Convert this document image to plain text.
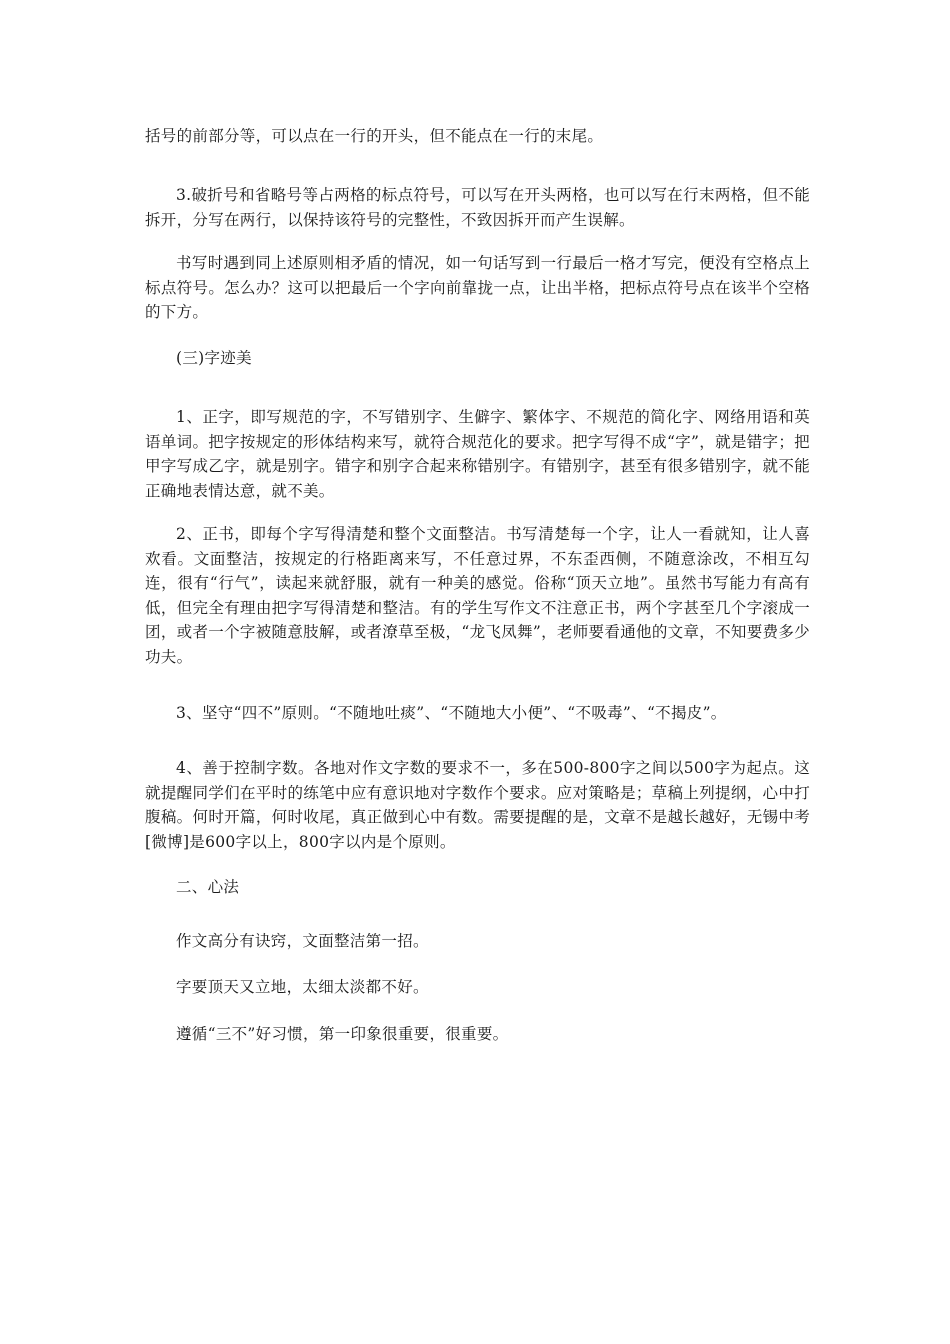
括号的前部分等，可以点在一行的开头，但不能点在一行的末尾。

3.破折号和省略号等占两格的标点符号，可以写在开头两格，也可以写在行末两格，但不能拆开，分写在两行，以保持该符号的完整性，不致因拆开而产生误解。

书写时遇到同上述原则相矛盾的情况，如一句话写到一行最后一格才写完，便没有空格点上标点符号。怎么办？这可以把最后一个字向前靠拢一点，让出半格，把标点符号点在该半个空格的下方。

(三)字迹美

1、正字，即写规范的字，不写错别字、生僻字、繁体字、不规范的简化字、网络用语和英语单词。把字按规定的形体结构来写，就符合规范化的要求。把字写得不成“字”，就是错字；把甲字写成乙字，就是别字。错字和别字合起来称错别字。有错别字，甚至有很多错别字，就不能正确地表情达意，就不美。

2、正书，即每个字写得清楚和整个文面整洁。书写清楚每一个字，让人一看就知，让人喜欢看。文面整洁，按规定的行格距离来写，不任意过界，不东歪西侧，不随意涂改，不相互勾连，很有“行气”，读起来就舒服，就有一种美的感觉。俗称“顶天立地”。虽然书写能力有高有低，但完全有理由把字写得清楚和整洁。有的学生写作文不注意正书，两个字甚至几个字滚成一团，或者一个字被随意肢解，或者潦草至极，“龙飞凤舞”，老师要看通他的文章，不知要费多少功夫。

3、坚守“四不”原则。“不随地吐痰”、“不随地大小便”、“不吸毒”、“不揭皮”。

4、善于控制字数。各地对作文字数的要求不一，多在500-800字之间以500字为起点。这就提醒同学们在平时的练笔中应有意识地对字数作个要求。应对策略是；草稿上列提纲，心中打腹稿。何时开篇，何时收尾，真正做到心中有数。需要提醒的是，文章不是越长越好，无锡中考[微博]是600字以上，800字以内是个原则。

二、心法

作文高分有诀窍，文面整洁第一招。

字要顶天又立地，太细太淡都不好。

遵循“三不”好习惯，第一印象很重要，很重要。
